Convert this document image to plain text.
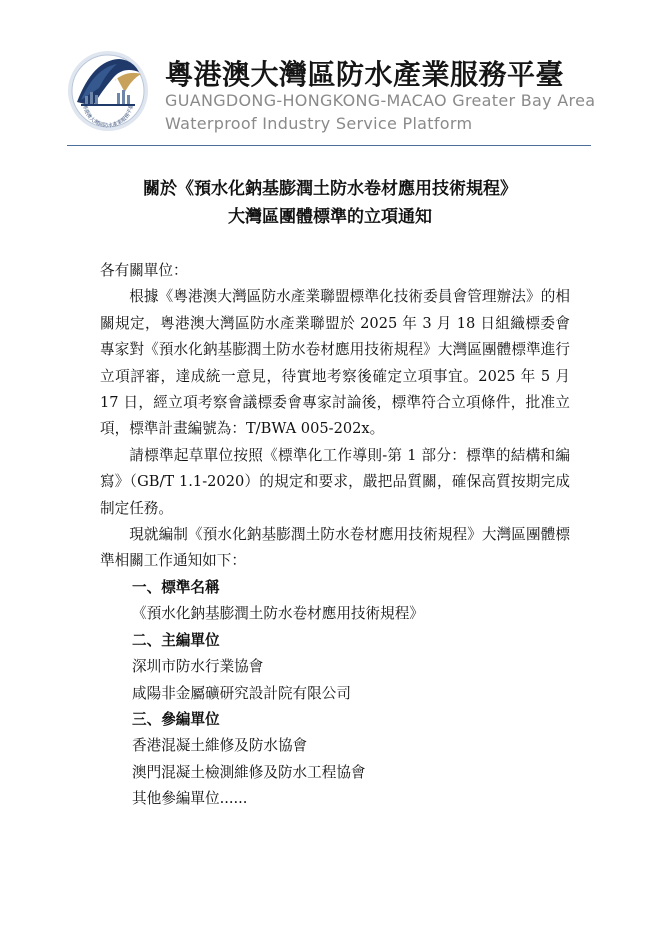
粵港澳大灣區防水產業服務平臺
粵港澳大灣區防水產業服務平臺
GUANGDONG-HONGKONG-MACAO Greater Bay Area
Waterproof Industry Service Platform
關於《預水化鈉基膨潤土防水卷材應用技術規程》
大灣區團體標準的立項通知

各有關單位：

根據《粵港澳大灣區防水產業聯盟標準化技術委員會管理辦法》的相關規定，粵港澳大灣區防水產業聯盟於 2025 年 3 月 18 日組織標委會專家對《預水化鈉基膨潤土防水卷材應用技術規程》大灣區團體標準進行立項評審，達成統一意見，待實地考察後確定立項事宜。2025 年 5 月 17 日，經立項考察會議標委會專家討論後，標準符合立項條件，批准立項，標準計畫編號為：T/BWA 005-202x。

請標準起草單位按照《標準化工作導則-第 1 部分：標準的結構和編寫》（GB/T 1.1-2020）的規定和要求，嚴把品質關，確保高質按期完成制定任務。

現就編制《預水化鈉基膨潤土防水卷材應用技術規程》大灣區團體標準相關工作通知如下：

一、標準名稱

《預水化鈉基膨潤土防水卷材應用技術規程》

二、主編單位

深圳市防水行業協會

咸陽非金屬礦研究設計院有限公司

三、參編單位

香港混凝土維修及防水協會

澳門混凝土檢測維修及防水工程協會

其他參編單位......
